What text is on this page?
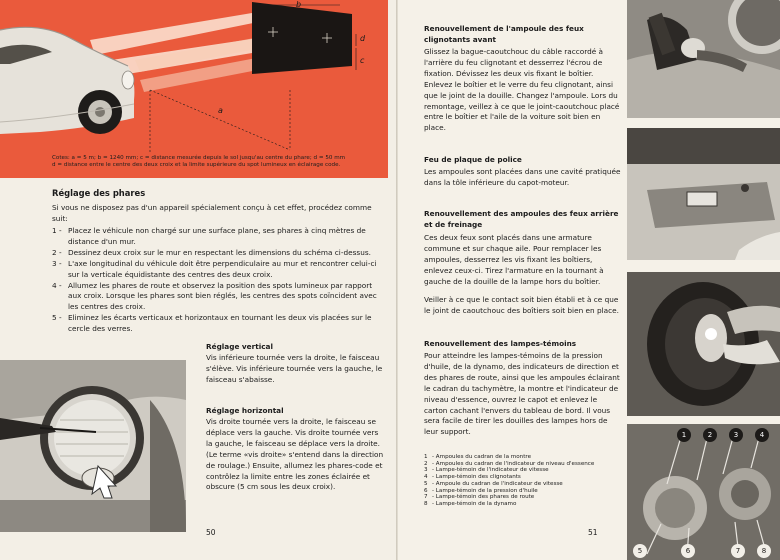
b
d
c
a
Cotes: a = 5 m; b = 1240 mm; c = distance mesurée depuis le sol jusqu'au centre du phare; d = 50 mm
d = distance entre le centre des deux croix et la limite supérieure du spot lumineux en éclairage code.
Réglage des phares

Si vous ne disposez pas d'un appareil spécialement conçu à cet effet, procédez comme suit:

1 - Placez le véhicule non chargé sur une surface plane, ses phares à cinq mètres de distance d'un mur.
2 - Dessinez deux croix sur le mur en respectant les dimensions du schéma ci-dessus.
3 - L'axe longitudinal du véhicule doit être perpendiculaire au mur et rencontrer celui-ci sur la verticale équidistante des centres des deux croix.
4 - Allumez les phares de route et observez la position des spots lumineux par rapport aux croix. Lorsque les phares sont bien réglés, les centres des spots coïncident avec les centres des croix.
5 - Eliminez les écarts verticaux et horizontaux en tournant les deux vis placées sur le cercle des verres.
Réglage vertical

Vis inférieure tournée vers la droite, le faisceau s'élève. Vis inférieure tournée vers la gauche, le faisceau s'abaisse.

Réglage horizontal

Vis droite tournée vers la droite, le faisceau se déplace vers la gauche. Vis droite tournée vers la gauche, le faisceau se déplace vers la droite. (Le terme «vis droite» s'entend dans la direction de roulage.) Ensuite, allumez les phares-code et contrôlez la limite entre les zones éclairée et obscure (5 cm sous les deux croix).

50
Renouvellement de l'ampoule des feux clignotants avant

Glissez la bague-caoutchouc du câble raccordé à l'arrière du feu clignotant et desserrez l'écrou de fixation. Dévissez les deux vis fixant le boîtier. Enlevez le boîtier et le verre du feu clignotant, ainsi que le joint de la douille. Changez l'ampoule. Lors du remontage, veillez à ce que le joint-caoutchouc placé entre le boîtier et l'aile de la voiture soit bien en place.

Feu de plaque de police

Les ampoules sont placées dans une cavité pratiquée dans la tôle inférieure du capot-moteur.

Renouvellement des ampoules des feux arrière et de freinage

Ces deux feux sont placés dans une armature commune et sur chaque aile. Pour remplacer les ampoules, desserrez les vis fixant les boîtiers, enlevez ceux-ci. Tirez l'armature en la tournant à gauche de la douille de la lampe hors du boîtier.

Veiller à ce que le contact soit bien établi et à ce que le joint de caoutchouc des boîtiers soit bien en place.

Renouvellement des lampes-témoins

Pour atteindre les lampes-témoins de la pression d'huile, de la dynamo, des indicateurs de direction et des phares de route, ainsi que les ampoules éclairant le cadran du tachymètre, la montre et l'indicateur de niveau d'essence, ouvrez le capot et enlevez le carton cachant l'envers du tableau de bord. Il vous sera facile de tirer les douilles des lampes hors de leur support.

1 - Ampoules du cadran de la montre
2 - Ampoules du cadran de l'indicateur de niveau d'essence
3 - Lampe-témoin de l'indicateur de vitesse
4 - Lampe-témoin des clignotants
5 - Ampoule du cadran de l'indicateur de vitesse
6 - Lampe-témoin de la pression d'huile
7 - Lampe-témoin des phares de route
8 - Lampe-témoin de la dynamo
51
1	2	3	4
5	6	7	8
